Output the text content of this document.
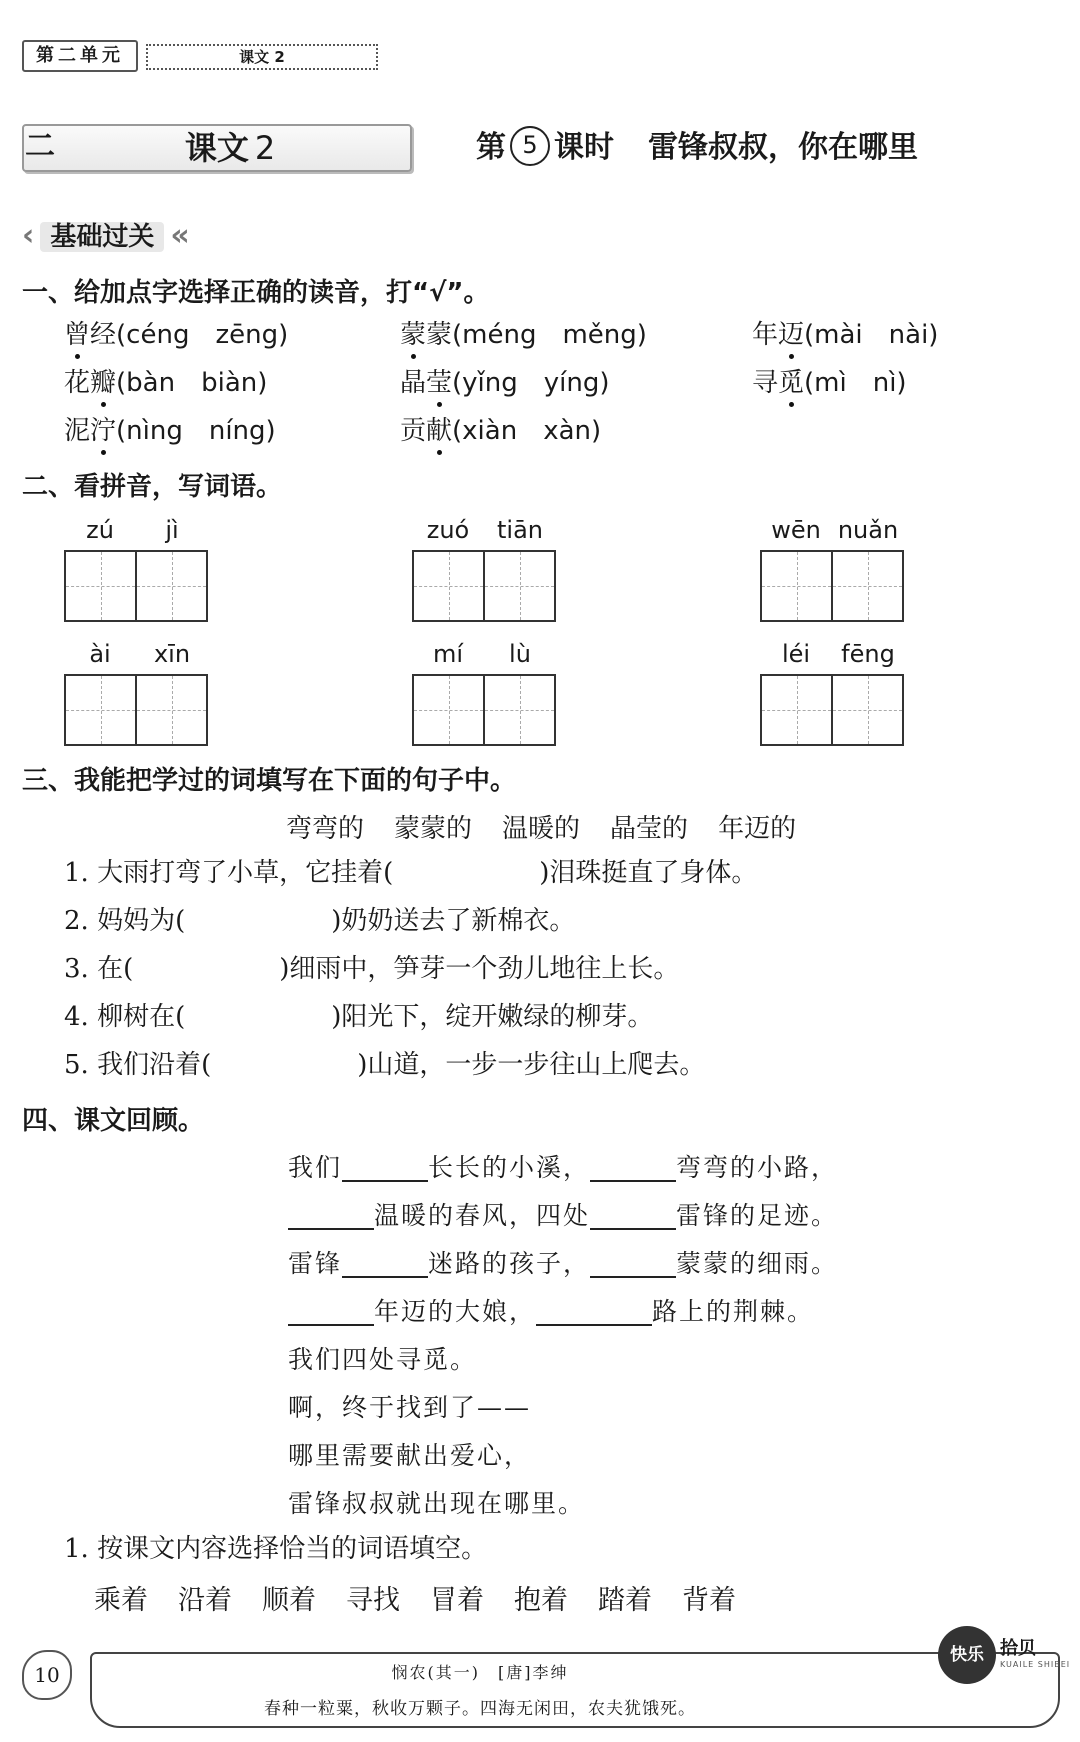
第二单元	课文 2
二	课文 2	第 5 课时 雷锋叔叔，你在哪里
‹ 基础过关 «
一、给加点字选择正确的读音，打“√”。
曾经(céng　zēng)	蒙蒙(méng　měng)	年迈(mài　nài)
花瓣(bàn　biàn)	晶莹(yǐng　yíng)	寻觅(mì　nì)
泥泞(nìng　níng)	贡献(xiàn　xàn)
二、看拼音，写词语。
zú	jì	zuó	tiān	wēn nuǎn
ài	xīn	mí	lù	léi	fēng
三、我能把学过的词填写在下面的句子中。
弯弯的 蒙蒙的 温暖的 晶莹的 年迈的
1. 大雨打弯了小草，它挂着(	)泪珠挺直了身体。
2. 妈妈为(	)奶奶送去了新棉衣。
3. 在(	)细雨中，笋芽一个劲儿地往上长。
4. 柳树在(	)阳光下，绽开嫩绿的柳芽。
5. 我们沿着(	)山道，一步一步往山上爬去。
四、课文回顾。
我们	长长的小溪，	弯弯的小路，
温暖的春风，四处	雷锋的足迹。
雷锋	迷路的孩子，	蒙蒙的细雨。
年迈的大娘，	路上的荆棘。
我们四处寻觅。
啊，终于找到了——
哪里需要献出爱心，
雷锋叔叔就出现在哪里。
1. 按课文内容选择恰当的词语填空。
乘着 沿着 顺着 寻找 冒着 抱着 踏着 背着
10	悯农(其一)　[唐]李绅
春种一粒粟，秋收万颗子。四海无闲田，农夫犹饿死。
快乐 拾贝
KUAILE SHIBEI
